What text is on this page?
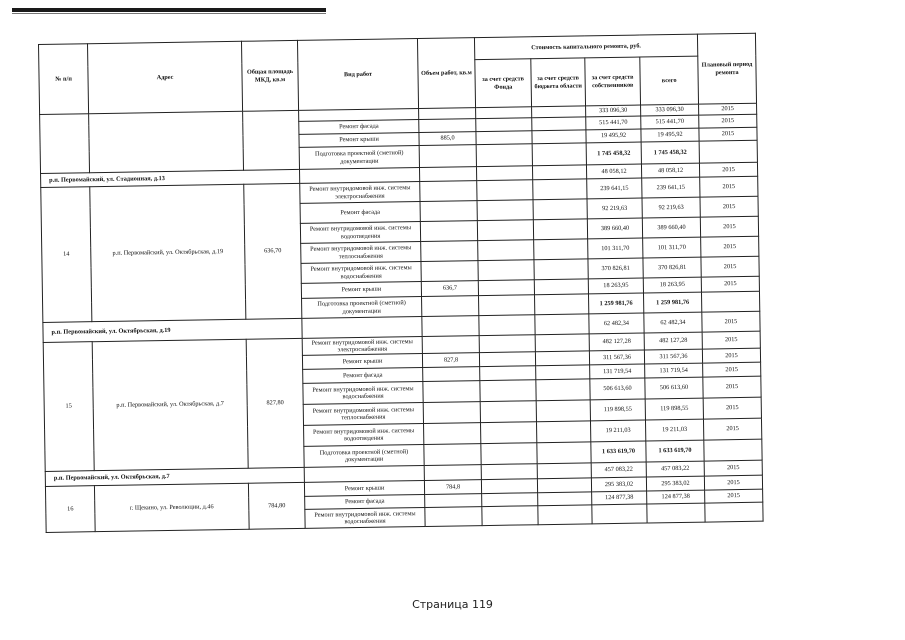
№ п/п	Адрес	Общая площадь МКД, кв.м	Вид работ	Объем работ, кв.м	Стоимость капитального ремонта, руб.				Плановый период ремонта
					за счет средств Фонда	за счет средств бюджета области	за счет средств собственников	всего	
							333 096,30	333 096,30	2015
			Ремонт фасада				515 441,70	515 441,70	2015
			Ремонт крыши	885,0			19 495,92	19 495,92	2015
			Подготовка проектной (сметной) документации				1 745 458,32	1 745 458,32	
р.п. Первомайский, ул. Стадионная, д.13							48 058,12	48 058,12	2015
14	р.п. Первомайский, ул. Октябрьская, д.19	636,70	Ремонт внутридомовой инж. системы электроснабжения				239 641,15	239 641,15	2015
			Ремонт фасада				92 219,63	92 219,63	2015
			Ремонт внутридомовой инж. системы водоотведения				389 660,40	389 660,40	2015
			Ремонт внутридомовой инж. системы теплоснабжения				101 311,70	101 311,70	2015
			Ремонт внутридомовой инж. системы водоснабжения				370 826,81	370 826,81	2015
			Ремонт крыши	636,7			18 263,95	18 263,95	2015
			Подготовка проектной (сметной) документации				1 259 981,76	1 259 981,76	
р.п. Первомайский, ул. Октябрьская, д.19							62 482,34	62 482,34	2015
15	р.п. Первомайский, ул. Октябрьская, д.7	827,80	Ремонт внутридомовой инж. системы электроснабжения				482 127,28	482 127,28	2015
			Ремонт крыши	827,8			311 567,36	311 567,36	2015
			Ремонт фасада				131 719,54	131 719,54	2015
			Ремонт внутридомовой инж. системы водоснабжения				506 613,60	506 613,60	2015
			Ремонт внутридомовой инж. системы теплоснабжения				119 898,55	119 898,55	2015
			Ремонт внутридомовой инж. системы водоотведения				19 211,03	19 211,03	2015
			Подготовка проектной (сметной) документации				1 633 619,70	1 633 619,70	
р.п. Первомайский, ул. Октябрьская, д.7							457 083,22	457 083,22	2015
16	г. Щекино, ул. Революции, д.46	784,80	Ремонт крыши	784,8			295 383,02	295 383,02	2015
			Ремонт фасада				124 877,38	124 877,38	2015
			Ремонт внутридомовой инж. системы водоснабжения						
Страница 119
